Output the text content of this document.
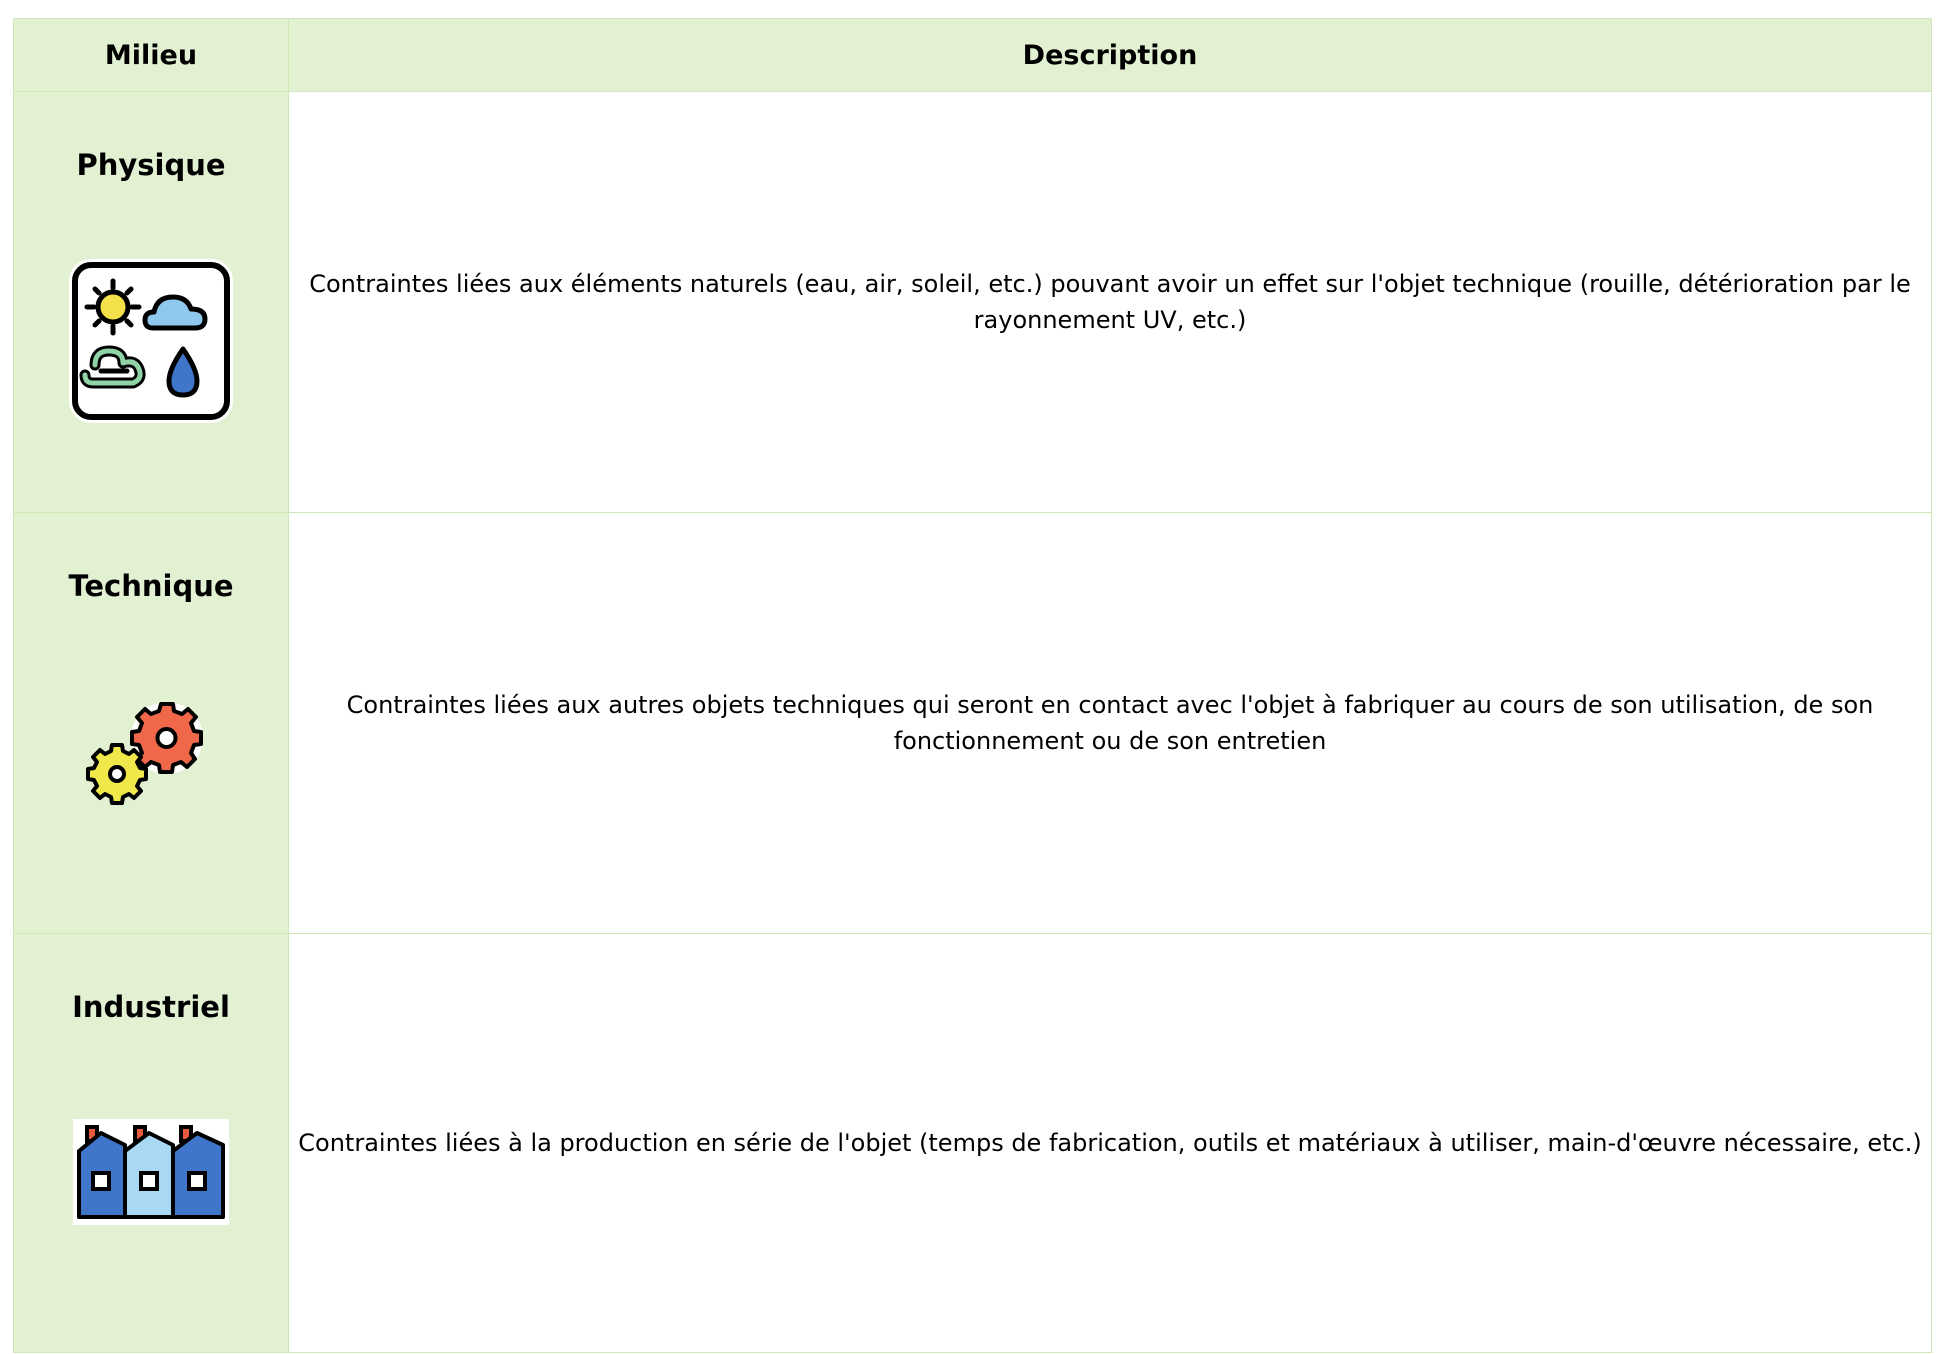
Milieu	Description

Physique	Contraintes liées aux éléments naturels (eau, air, soleil, etc.) pouvant avoir un effet sur l'objet technique (rouille, détérioration par le rayonnement UV, etc.)

Technique	Contraintes liées aux autres objets techniques qui seront en contact avec l'objet à fabriquer au cours de son utilisation, de son fonctionnement ou de son entretien

Industriel	Contraintes liées à la production en série de l'objet (temps de fabrication, outils et matériaux à utiliser, main-d'œuvre nécessaire, etc.)
